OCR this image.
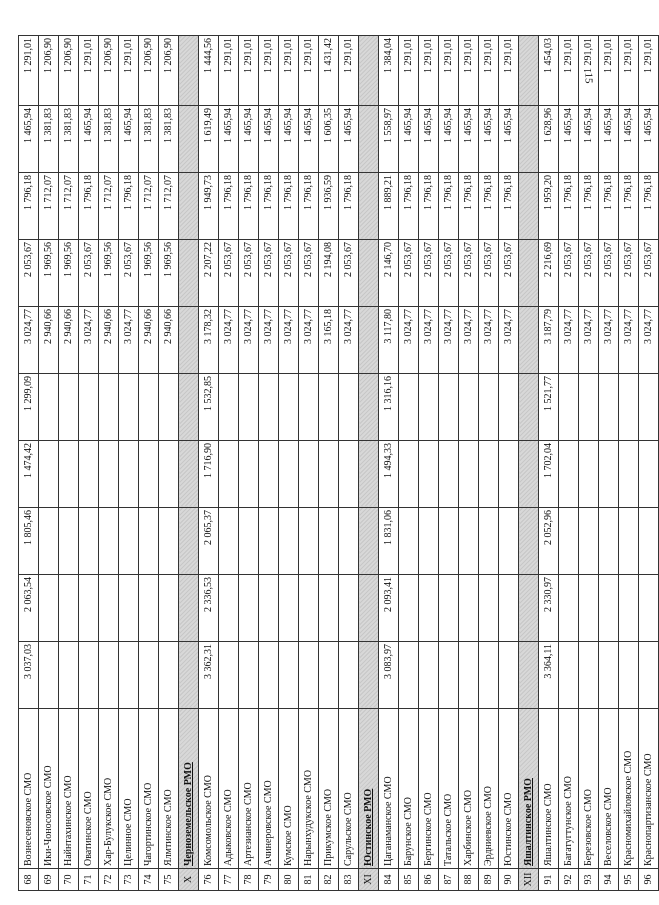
15
68	Вознесеновское СМО	3 037,03	2 063,54	1 805,46	1 474,42	1 299,09	3 024,77	2 053,67	1 796,18	1 465,94	1 291,01
69	Ики-Чоносовское СМО						2 940,66	1 969,56	1 712,07	1 381,83	1 206,90
70	Найнтахинское СМО						2 940,66	1 969,56	1 712,07	1 381,83	1 206,90
71	Оватинское СМО						3 024,77	2 053,67	1 796,18	1 465,94	1 291,01
72	Хар-Булукское СМО						2 940,66	1 969,56	1 712,07	1 381,83	1 206,90
73	Целинное СМО						3 024,77	2 053,67	1 796,18	1 465,94	1 291,01
74	Чагортинское СМО						2 940,66	1 969,56	1 712,07	1 381,83	1 206,90
75	Ялмтинское СМО						2 940,66	1 969,56	1 712,07	1 381,83	1 206,90
X	Черноземельское РМО										
76	Комсомольское СМО	3 362,31	2 336,53	2 065,37	1 716,90	1 532,85	3 178,32	2 207,22	1 949,73	1 619,49	1 444,56
77	Адыковское СМО						3 024,77	2 053,67	1 796,18	1 465,94	1 291,01
78	Артезианское СМО						3 024,77	2 053,67	1 796,18	1 465,94	1 291,01
79	Ачинеровское СМО						3 024,77	2 053,67	1 796,18	1 465,94	1 291,01
80	Кумское СМО						3 024,77	2 053,67	1 796,18	1 465,94	1 291,01
81	Нарынхудукское СМО						3 024,77	2 053,67	1 796,18	1 465,94	1 291,01
82	Прикумское СМО						3 165,18	2 194,08	1 936,59	1 606,35	1 431,42
83	Сарульское СМО						3 024,77	2 053,67	1 796,18	1 465,94	1 291,01
XI	Юстинское РМО										
84	Цаганаманское СМО	3 083,97	2 093,41	1 831,06	1 494,33	1 316,16	3 117,80	2 146,70	1 889,21	1 558,97	1 384,04
85	Барунское СМО						3 024,77	2 053,67	1 796,18	1 465,94	1 291,01
86	Бергинское СМО						3 024,77	2 053,67	1 796,18	1 465,94	1 291,01
87	Татальское СМО						3 024,77	2 053,67	1 796,18	1 465,94	1 291,01
88	Харбинское СМО						3 024,77	2 053,67	1 796,18	1 465,94	1 291,01
89	Эрдниевское СМО						3 024,77	2 053,67	1 796,18	1 465,94	1 291,01
90	Юстинское СМО						3 024,77	2 053,67	1 796,18	1 465,94	1 291,01
XII	Яшалтинское РМО										
91	Яшалтинское СМО	3 364,11	2 330,97	2 052,96	1 702,04	1 521,77	3 187,79	2 216,69	1 959,20	1 628,96	1 454,03
92	Багатугтунское СМО						3 024,77	2 053,67	1 796,18	1 465,94	1 291,01
93	Березовское СМО						3 024,77	2 053,67	1 796,18	1 465,94	1 291,01
94	Веселовское СМО						3 024,77	2 053,67	1 796,18	1 465,94	1 291,01
95	Красномихайловское СМО						3 024,77	2 053,67	1 796,18	1 465,94	1 291,01
96	Краснопартизанское СМО						3 024,77	2 053,67	1 796,18	1 465,94	1 291,01
